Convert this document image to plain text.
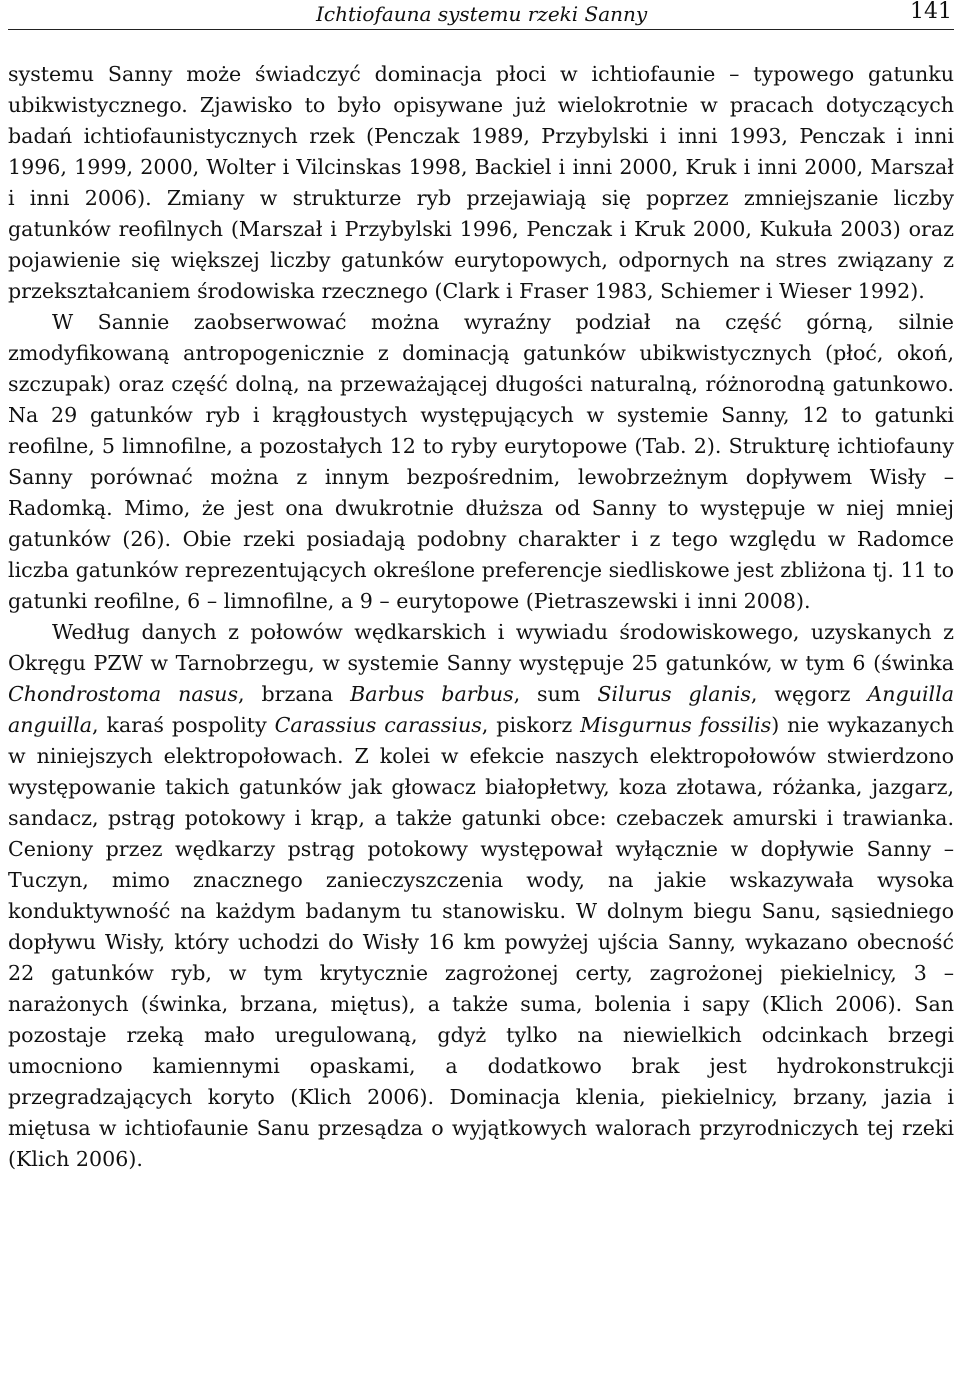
Ichtiofauna systemu rzeki Sanny	141

systemu Sanny może świadczyć dominacja płoci w ichtiofaunie – typowego gatunku ubikwistycznego. Zjawisko to było opisywane już wielokrotnie w pracach dotyczących badań ichtiofaunistycznych rzek (Penczak 1989, Przybylski i inni 1993, Penczak i inni 1996, 1999, 2000, Wolter i Vilcinskas 1998, Backiel i inni 2000, Kruk i inni 2000, Marszał i inni 2006). Zmiany w strukturze ryb przejawiają się poprzez zmniejszanie liczby gatunków reofilnych (Marszał i Przybylski 1996, Penczak i Kruk 2000, Kukuła 2003) oraz pojawienie się większej liczby gatunków eurytopowych, odpornych na stres związany z przekształcaniem środowiska rzecznego (Clark i Fraser 1983, Schiemer i Wieser 1992).

W Sannie zaobserwować można wyraźny podział na część górną, silnie zmodyfikowaną antropogenicznie z dominacją gatunków ubikwistycznych (płoć, okoń, szczupak) oraz część dolną, na przeważającej długości naturalną, różnorodną gatunkowo. Na 29 gatunków ryb i krągłoustych występujących w systemie Sanny, 12 to gatunki reofilne, 5 limnofilne, a pozostałych 12 to ryby eurytopowe (Tab. 2). Strukturę ichtiofauny Sanny porównać można z innym bezpośrednim, lewobrzeżnym dopływem Wisły – Radomką. Mimo, że jest ona dwukrotnie dłuższa od Sanny to występuje w niej mniej gatunków (26). Obie rzeki posiadają podobny charakter i z tego względu w Radomce liczba gatunków reprezentujących określone preferencje siedliskowe jest zbliżona tj. 11 to gatunki reofilne, 6 – limnofilne, a 9 – eurytopowe (Pietraszewski i inni 2008).

Według danych z połowów wędkarskich i wywiadu środowiskowego, uzyskanych z Okręgu PZW w Tarnobrzegu, w systemie Sanny występuje 25 gatunków, w tym 6 (świnka Chondrostoma nasus, brzana Barbus barbus, sum Silurus glanis, węgorz Anguilla anguilla, karaś pospolity Carassius carassius, piskorz Misgurnus fossilis) nie wykazanych w niniejszych elektropołowach. Z kolei w efekcie naszych elektropołowów stwierdzono występowanie takich gatunków jak głowacz białopłetwy, koza złotawa, różanka, jazgarz, sandacz, pstrąg potokowy i krąp, a także gatunki obce: czebaczek amurski i trawianka. Ceniony przez wędkarzy pstrąg potokowy występował wyłącznie w dopływie Sanny – Tuczyn, mimo znacznego zanieczyszczenia wody, na jakie wskazywała wysoka konduktywność na każdym badanym tu stanowisku. W dolnym biegu Sanu, sąsiedniego dopływu Wisły, który uchodzi do Wisły 16 km powyżej ujścia Sanny, wykazano obecność 22 gatunków ryb, w tym krytycznie zagrożonej certy, zagrożonej piekielnicy, 3 – narażonych (świnka, brzana, miętus), a także suma, bolenia i sapy (Klich 2006). San pozostaje rzeką mało uregulowaną, gdyż tylko na niewielkich odcinkach brzegi umocniono kamiennymi opaskami, a dodatkowo brak jest hydrokonstrukcji przegradzających koryto (Klich 2006). Dominacja klenia, piekielnicy, brzany, jazia i miętusa w ichtiofaunie Sanu przesądza o wyjątkowych walorach przyrodniczych tej rzeki (Klich 2006).
